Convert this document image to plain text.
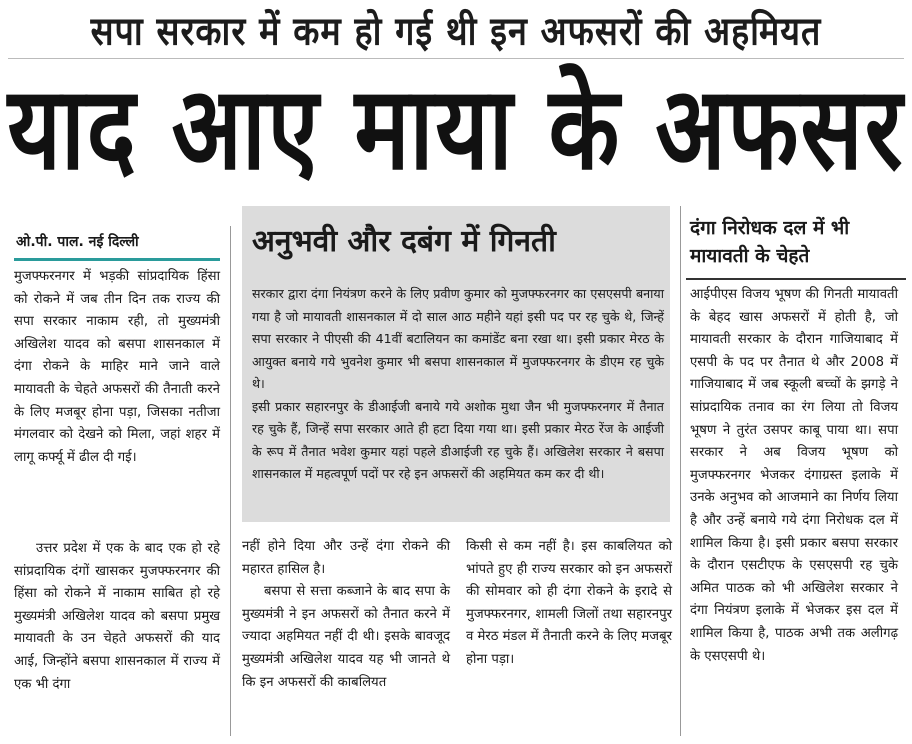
सपा सरकार में कम हो गई थी इन अफसरों की अहमियत
याद आए माया के अफसर
ओ.पी. पाल. नई दिल्ली

मुजफ्फरनगर में भड़की सांप्रदायिक हिंसा को रोकने में जब तीन दिन तक राज्य की सपा सरकार नाकाम रही, तो मुख्यमंत्री अखिलेश यादव को बसपा शासनकाल में दंगा रोकने के माहिर माने जाने वाले मायावती के चेहते अफसरों की तैनाती करने के लिए मजबूर होना पड़ा, जिसका नतीजा मंगलवार को देखने को मिला, जहां शहर में लागू कर्फ्यू में ढील दी गई।

उत्तर प्रदेश में एक के बाद एक हो रहे सांप्रदायिक दंगों खासकर मुजफ्फरनगर की हिंसा को रोकने में नाकाम साबित हो रहे मुख्यमंत्री अखिलेश यादव को बसपा प्रमुख मायावती के उन चेहते अफसरों की याद आई, जिन्होंने बसपा शासनकाल में राज्य में एक भी दंगा

अनुभवी और दबंग में गिनती

सरकार द्वारा दंगा नियंत्रण करने के लिए प्रवीण कुमार को मुजफ्फरनगर का एसएसपी बनाया गया है जो मायावती शासनकाल में दो साल आठ महीने यहां इसी पद पर रह चुके थे, जिन्हें सपा सरकार ने पीएसी की 41वीं बटालियन का कमांडेंट बना रखा था। इसी प्रकार मेरठ के आयुक्त बनाये गये भुवनेश कुमार भी बसपा शासनकाल में मुजफ्फरनगर के डीएम रह चुके थे।

इसी प्रकार सहारनपुर के डीआईजी बनाये गये अशोक मुथा जैन भी मुजफ्फरनगर में तैनात रह चुके हैं, जिन्हें सपा सरकार आते ही हटा दिया गया था। इसी प्रकार मेरठ रेंज के आईजी के रूप में तैनात भवेश कुमार यहां पहले डीआईजी रह चुके हैं। अखिलेश सरकार ने बसपा शासनकाल में महत्वपूर्ण पदों पर रहे इन अफसरों की अहमियत कम कर दी थी।

नहीं होने दिया और उन्हें दंगा रोकने की महारत हासिल है।

बसपा से सत्ता कब्जाने के बाद सपा के मुख्यमंत्री ने इन अफसरों को तैनात करने में ज्यादा अहमियत नहीं दी थी। इसके बावजूद मुख्यमंत्री अखिलेश यादव यह भी जानते थे कि इन अफसरों की काबलियत

किसी से कम नहीं है। इस काबलियत को भांपते हुए ही राज्य सरकार को इन अफसरों की सोमवार को ही दंगा रोकने के इरादे से मुजफ्फरनगर, शामली जिलों तथा सहारनपुर व मेरठ मंडल में तैनाती करने के लिए मजबूर होना पड़ा।

दंगा निरोधक दल में भी मायावती के चेहते

आईपीएस विजय भूषण की गिनती मायावती के बेहद खास अफसरों में होती है, जो मायावती सरकार के दौरान गाजियाबाद में एसपी के पद पर तैनात थे और 2008 में गाजियाबाद में जब स्कूली बच्चों के झगड़े ने सांप्रदायिक तनाव का रंग लिया तो विजय भूषण ने तुरंत उसपर काबू पाया था। सपा सरकार ने अब विजय भूषण को मुजफ्फरनगर भेजकर दंगाग्रस्त इलाके में उनके अनुभव को आजमाने का निर्णय लिया है और उन्हें बनाये गये दंगा निरोधक दल में शामिल किया है। इसी प्रकार बसपा सरकार के दौरान एसटीएफ के एसएसपी रह चुके अमित पाठक को भी अखिलेश सरकार ने दंगा नियंत्रण इलाके में भेजकर इस दल में शामिल किया है, पाठक अभी तक अलीगढ़ के एसएसपी थे।
